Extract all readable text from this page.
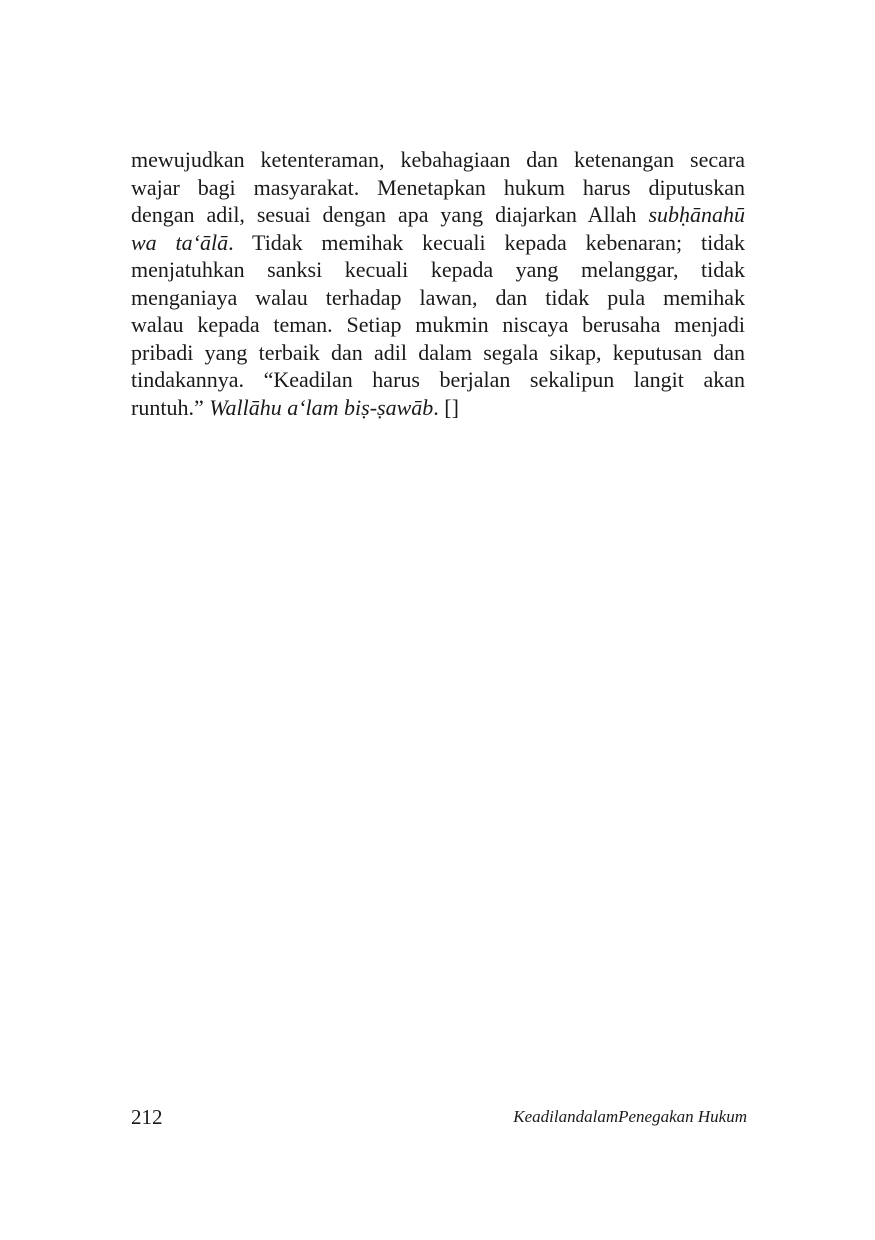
mewujudkan ketenteraman, kebahagiaan dan ketenangan secara
wajar bagi masyarakat. Menetapkan hukum harus diputuskan
dengan adil, sesuai dengan apa yang diajarkan Allah subḥānahū
wa ta‘ālā. Tidak memihak kecuali kepada kebenaran; tidak
menjatuhkan sanksi kecuali kepada yang melanggar, tidak
menganiaya walau terhadap lawan, dan tidak pula memihak
walau kepada teman. Setiap mukmin niscaya berusaha menjadi
pribadi yang terbaik dan adil dalam segala sikap, keputusan dan
tindakannya. “Keadilan harus berjalan sekalipun langit akan
runtuh.” Wallāhu a‘lam biṣ-ṣawāb. []
212	KeadilandalamPenegakan Hukum
